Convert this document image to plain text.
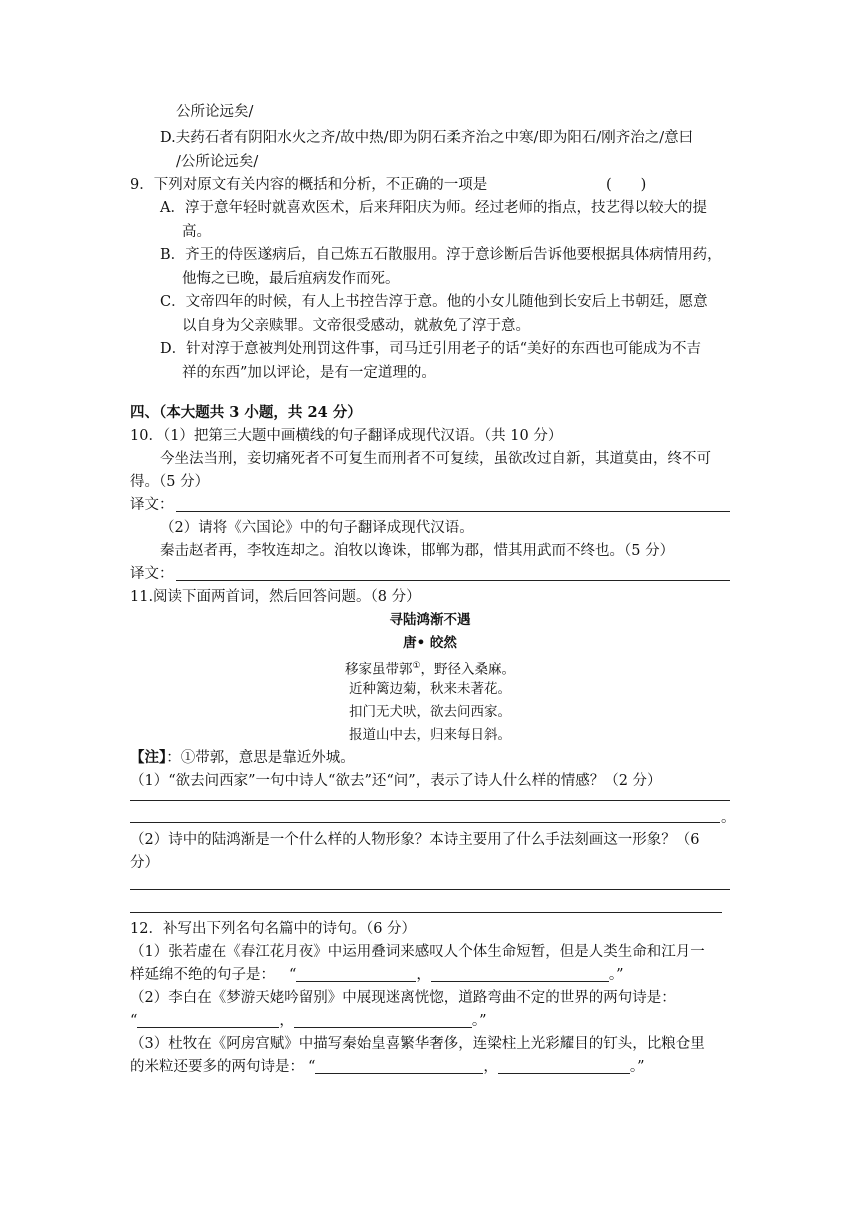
公所论远矣/
D.夫药石者有阴阳水火之齐/故中热/即为阴石柔齐治之中寒/即为阳石/刚齐治之/意曰
/公所论远矣/
9．下列对原文有关内容的概括和分析，不正确的一项是	(　　)
A．淳于意年轻时就喜欢医术，后来拜阳庆为师。经过老师的指点，技艺得以较大的提
高。
B．齐王的侍医遂病后，自己炼五石散服用。淳于意诊断后告诉他要根据具体病情用药，
他悔之已晚，最后疽病发作而死。
C．文帝四年的时候，有人上书控告淳于意。他的小女儿随他到长安后上书朝廷，愿意
以自身为父亲赎罪。文帝很受感动，就赦免了淳于意。
D．针对淳于意被判处刑罚这件事，司马迁引用老子的话“美好的东西也可能成为不吉
祥的东西”加以评论，是有一定道理的。
四、（本大题共 3 小题，共 24 分）
10．（1）把第三大题中画横线的句子翻译成现代汉语。（共 10 分）
今坐法当刑，妾切痛死者不可复生而刑者不可复续，虽欲改过自新，其道莫由，终不可
得。（5 分）
译文：
（2）请将《六国论》中的句子翻译成现代汉语。
秦击赵者再，李牧连却之。洎牧以谗诛，邯郸为郡，惜其用武而不终也。（5 分）
译文：
11.阅读下面两首词，然后回答问题。（8 分）
寻陆鸿渐不遇
唐• 皎然
移家虽带郭①，野径入桑麻。
近种篱边菊，秋来未著花。
扣门无犬吠，欲去问西家。
报道山中去，归来每日斜。
【注】：①带郭，意思是靠近外城。
（1）“欲去问西家”一句中诗人“欲去”还“问”，表示了诗人什么样的情感？（2 分）
。
（2）诗中的陆鸿渐是一个什么样的人物形象？本诗主要用了什么手法刻画这一形象？（6
分）
12．补写出下列名句名篇中的诗句。（6 分）
（1）张若虚在《春江花月夜》中运用叠词来感叹人个体生命短暂，但是人类生命和江月一
样延绵不绝的句子是： “	，	。”
（2）李白在《梦游天姥吟留别》中展现迷离恍惚，道路弯曲不定的世界的两句诗是：
“	，	。”
（3）杜牧在《阿房宫赋》中描写秦始皇喜繁华奢侈，连梁柱上光彩耀目的钉头，比粮仓里
的米粒还要多的两句诗是： “	，	。”
